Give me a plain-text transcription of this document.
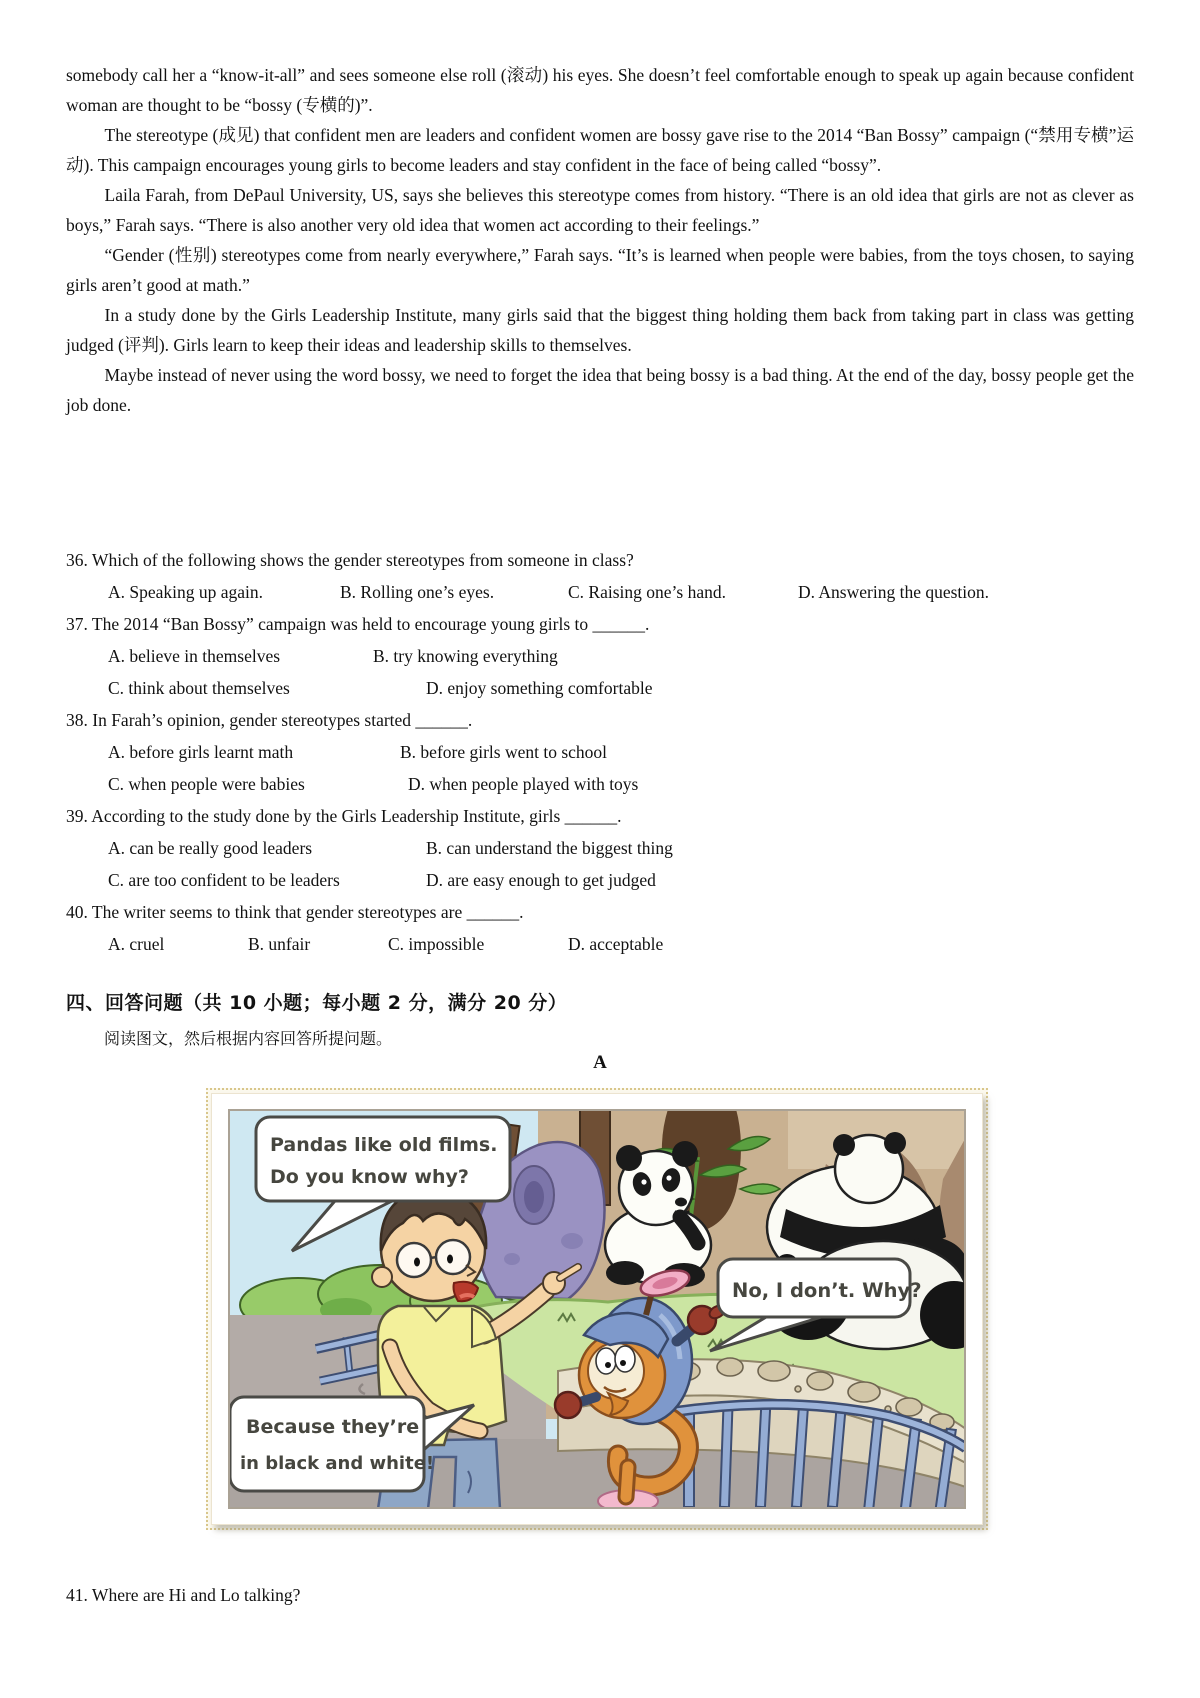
somebody call her a “know-it-all” and sees someone else roll (滚动) his eyes. She doesn’t feel comfortable enough to speak up again because confident woman are thought to be “bossy (专横的)”.

The stereotype (成见) that confident men are leaders and confident women are bossy gave rise to the 2014 “Ban Bossy” campaign (“禁用专横”运动). This campaign encourages young girls to become leaders and stay confident in the face of being called “bossy”.

Laila Farah, from DePaul University, US, says she believes this stereotype comes from history. “There is an old idea that girls are not as clever as boys,” Farah says. “There is also another very old idea that women act according to their feelings.”

“Gender (性别) stereotypes come from nearly everywhere,” Farah says. “It’s is learned when people were babies, from the toys chosen, to saying girls aren’t good at math.”

In a study done by the Girls Leadership Institute, many girls said that the biggest thing holding them back from taking part in class was getting judged (评判). Girls learn to keep their ideas and leadership skills to themselves.

Maybe instead of never using the word bossy, we need to forget the idea that being bossy is a bad thing. At the end of the day, bossy people get the job done.

36. Which of the following shows the gender stereotypes from someone in class?
A. Speaking up again.	B. Rolling one’s eyes.	C. Raising one’s hand.	D. Answering the question.
37. The 2014 “Ban Bossy” campaign was held to encourage young girls to ______.
A. believe in themselves	B. try knowing everything
C. think about themselves	D. enjoy something comfortable
38. In Farah’s opinion, gender stereotypes started ______.
A. before girls learnt math	B. before girls went to school
C. when people were babies	D. when people played with toys
39. According to the study done by the Girls Leadership Institute, girls ______.
A. can be really good leaders	B. can understand the biggest thing
C. are too confident to be leaders	D. are easy enough to get judged
40. The writer seems to think that gender stereotypes are ______.
A. cruel	B. unfair	C. impossible	D. acceptable
四、回答问题（共 10 小题；每小题 2 分，满分 20 分）
阅读图文，然后根据内容回答所提问题。
A
Pandas like old films.
Do you know why?
No, I don’t. Why?
Because they’re
in black and white!
41. Where are Hi and Lo talking?
